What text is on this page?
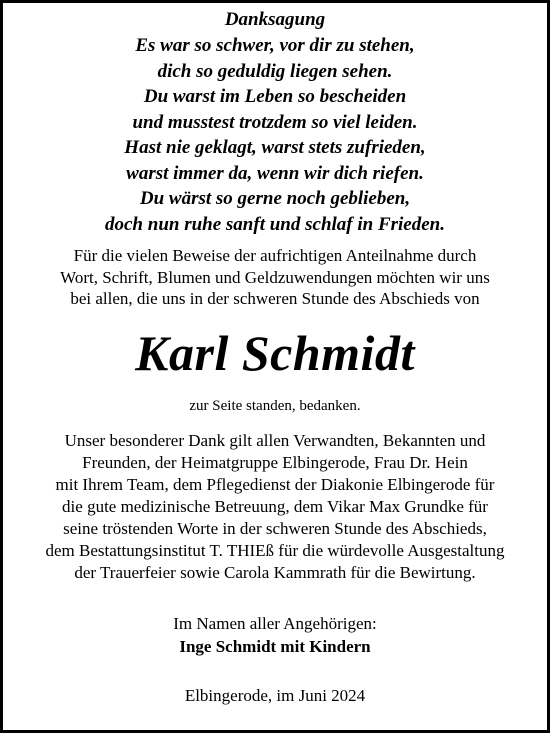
Danksagung
Es war so schwer, vor dir zu stehen,
dich so geduldig liegen sehen.
Du warst im Leben so bescheiden
und musstest trotzdem so viel leiden.
Hast nie geklagt, warst stets zufrieden,
warst immer da, wenn wir dich riefen.
Du wärst so gerne noch geblieben,
doch nun ruhe sanft und schlaf in Frieden.
Für die vielen Beweise der aufrichtigen Anteilnahme durch
Wort, Schrift, Blumen und Geldzuwendungen möchten wir uns
bei allen, die uns in der schweren Stunde des Abschieds von
Karl Schmidt
zur Seite standen, bedanken.
Unser besonderer Dank gilt allen Verwandten, Bekannten und
Freunden, der Heimatgruppe Elbingerode, Frau Dr. Hein
mit Ihrem Team, dem Pflegedienst der Diakonie Elbingerode für
die gute medizinische Betreuung, dem Vikar Max Grundke für
seine tröstenden Worte in der schweren Stunde des Abschieds,
dem Bestattungsinstitut T. THIEß für die würdevolle Ausgestaltung
der Trauerfeier sowie Carola Kammrath für die Bewirtung.
Im Namen aller Angehörigen:
Inge Schmidt mit Kindern
Elbingerode, im Juni 2024
